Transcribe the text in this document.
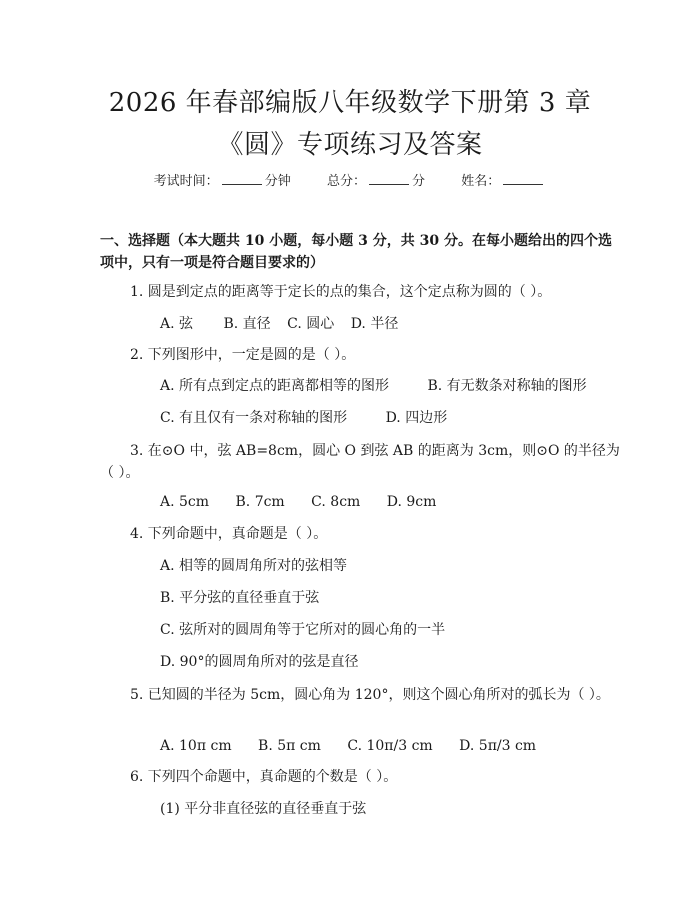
2026 年春部编版八年级数学下册第 3 章
《圆》专项练习及答案
考试时间：	分钟	总分：	分	姓名：
一、选择题（本大题共 10 小题，每小题 3 分，共 30 分。在每小题给出的四个选项中，只有一项是符合题目要求的）
1. 圆是到定点的距离等于定长的点的集合，这个定点称为圆的（ ）。
A. 弦 B. 直径 C. 圆心 D. 半径
2. 下列图形中，一定是圆的是（ ）。
A. 所有点到定点的距离都相等的图形	B. 有无数条对称轴的图形
C. 有且仅有一条对称轴的图形	D. 四边形
3. 在⊙O 中，弦 AB=8cm，圆心 O 到弦 AB 的距离为 3cm，则⊙O 的半径为（ ）。
A. 5cm B. 7cm C. 8cm D. 9cm
4. 下列命题中，真命题是（ ）。
A. 相等的圆周角所对的弦相等
B. 平分弦的直径垂直于弦
C. 弦所对的圆周角等于它所对的圆心角的一半
D. 90°的圆周角所对的弦是直径
5. 已知圆的半径为 5cm，圆心角为 120°，则这个圆心角所对的弧长为（ ）。
A. 10π cm B. 5π cm C. 10π/3 cm D. 5π/3 cm
6. 下列四个命题中，真命题的个数是（ ）。
(1) 平分非直径弦的直径垂直于弦
